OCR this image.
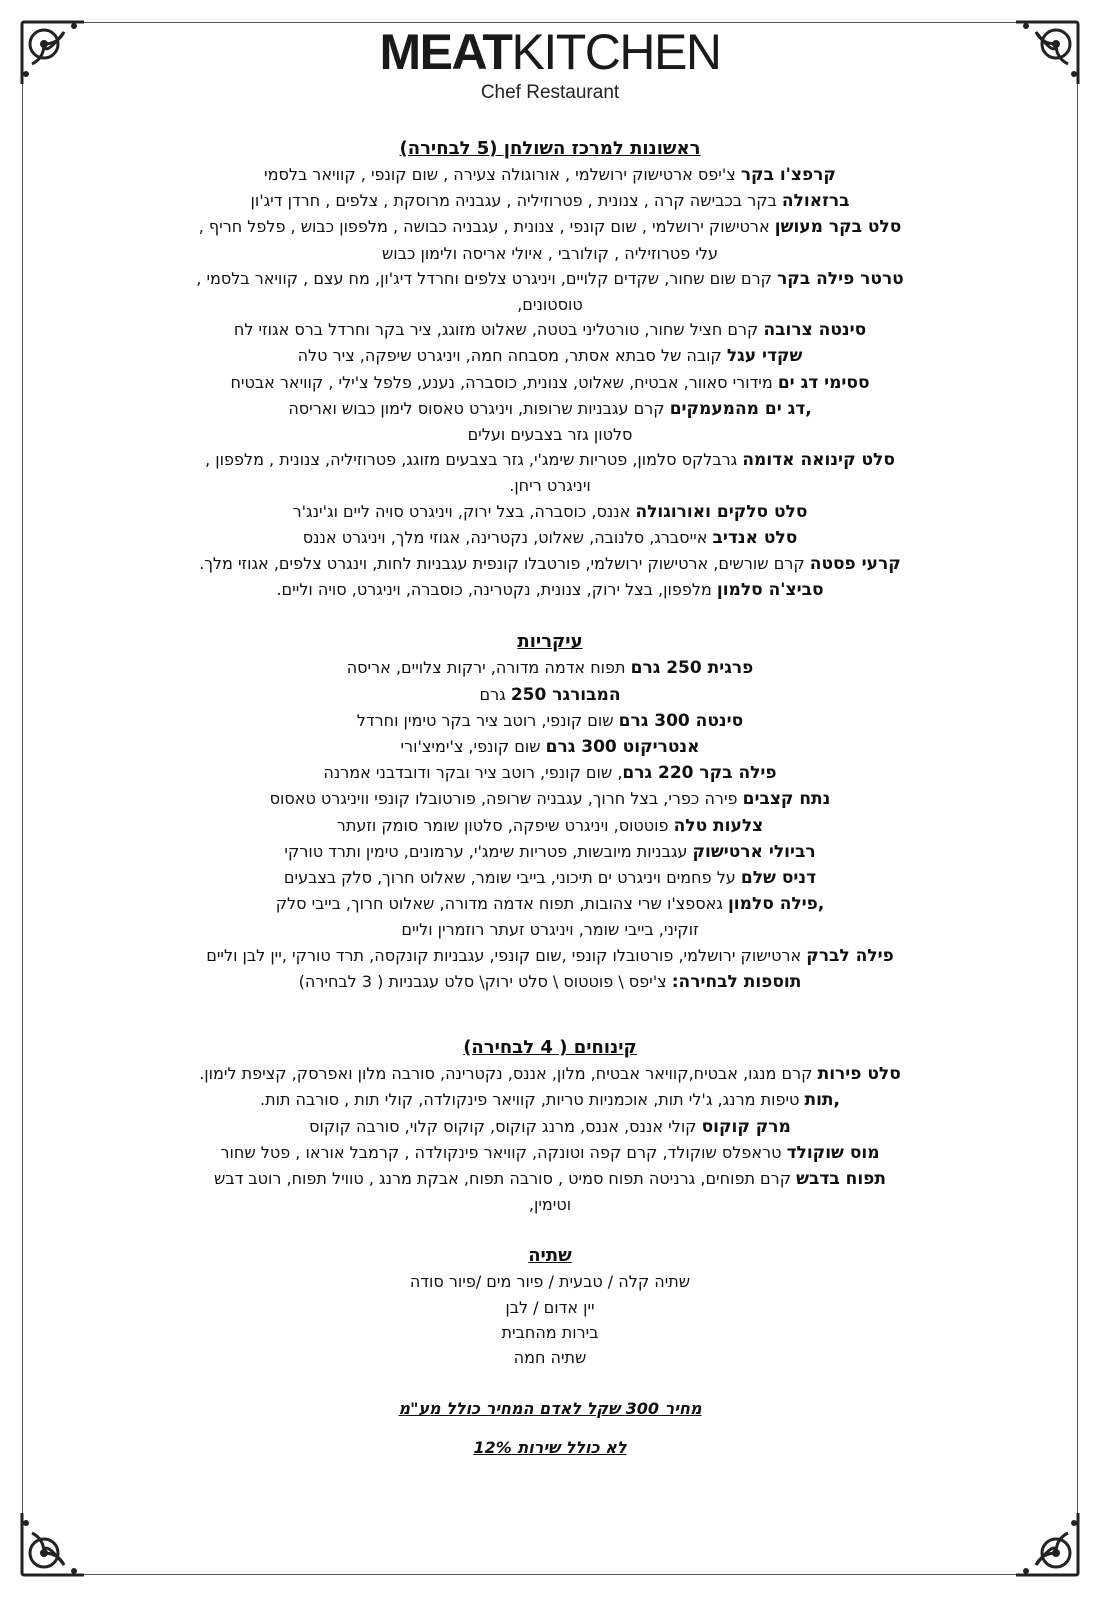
MEATKITCHEN
Chef Restaurant
ראשונות למרכז השולחן (5 לבחירה)

קרפצ'ו בקר צ'יפס ארטישוק ירושלמי , אורוגולה צעירה , שום קונפי , קוויאר בלסמי

ברזאולה בקר בכבישה קרה , צנונית , פטרוזיליה , עגבניה מרוסקת , צלפים , חרדן דיג'ון

סלט בקר מעושן ארטישוק ירושלמי , שום קונפי , צנונית , עגבניה כבושה , מלפפון כבוש , פלפל חריף ,

עלי פטרוזיליה , קולורבי , איולי אריסה ולימון כבוש

טרטר פילה בקר קרם שום שחור, שקדים קלויים, ויניגרט צלפים וחרדל דיג'ון, מח עצם , קוויאר בלסמי ,

טוסטונים,

סינטה צרובה קרם חציל שחור, טורטליני בטטה, שאלוט מזוגג, ציר בקר וחרדל ברס אגוזי לח

שקדי עגל קובה של סבתא אסתר, מסבחה חמה, ויניגרט שיפקה, ציר טלה

ססימי דג ים מידורי סאוור, אבטיח, שאלוט, צנונית, כוסברה, נענע, פלפל צ'ילי , קוויאר אבטיח

,דג ים מהמעמקים קרם עגבניות שרופות, ויניגרט טאסוס לימון כבוש ואריסה

סלטון גזר בצבעים ועלים

סלט קינואה אדומה גרבלקס סלמון, פטריות שימג'י, גזר בצבעים מזוגג, פטרוזיליה, צנונית , מלפפון ,

ויניגרט ריחן.

סלט סלקים ואורוגולה אננס, כוסברה, בצל ירוק, ויניגרט סויה ליים וג'ינג'ר

סלט אנדיב אייסברג, סלנובה, שאלוט, נקטרינה, אגוזי מלך, ויניגרט אננס

קרעי פסטה קרם שורשים, ארטישוק ירושלמי, פורטבלו קונפית עגבניות לחות, וינגרט צלפים, אגוזי מלך.

סביצ'ה סלמון מלפפון, בצל ירוק, צנונית, נקטרינה, כוסברה, ויניגרט, סויה וליים.

עיקריות

פרגית 250 גרם תפוח אדמה מדורה, ירקות צלויים, אריסה

המבורגר 250 גרם

סינטה 300 גרם שום קונפי, רוטב ציר בקר טימין וחרדל

אנטריקוט 300 גרם שום קונפי, צ'ימיצ'ורי

פילה בקר 220 גרם, שום קונפי, רוטב ציר ובקר ודובדבני אמרנה

נתח קצבים פירה כפרי, בצל חרוך, עגבניה שרופה, פורטובלו קונפי וויניגרט טאסוס

צלעות טלה פוטטוס, ויניגרט שיפקה, סלטון שומר סומק וזעתר

רביולי ארטישוק עגבניות מיובשות, פטריות שימג'י, ערמונים, טימין ותרד טורקי

דניס שלם על פחמים ויניגרט ים תיכוני, בייבי שומר, שאלוט חרוך, סלק בצבעים

,פילה סלמון גאספצ'ו שרי צהובות, תפוח אדמה מדורה, שאלוט חרוך, בייבי סלק

זוקיני, בייבי שומר, ויניגרט זעתר רוזמרין וליים

פילה לברק ארטישוק ירושלמי, פורטובלו קונפי ,שום קונפי, עגבניות קונקסה, תרד טורקי ,יין לבן וליים

תוספות לבחירה: צ'יפס \ פוטטוס \ סלט ירוק\ סלט עגבניות ( 3 לבחירה)

קינוחים ( 4 לבחירה)

סלט פירות קרם מנגו, אבטיח,קוויאר אבטיח, מלון, אננס, נקטרינה, סורבה מלון ואפרסק, קציפת לימון.

,תות טיפות מרנג, ג'לי תות, אוכמניות טריות, קוויאר פינקולדה, קולי תות , סורבה תות.

מרק קוקוס קולי אננס, אננס, מרנג קוקוס, קוקוס קלוי, סורבה קוקוס

מוס שוקולד טראפלס שוקולד, קרם קפה וטונקה, קוויאר פינקולדה , קרמבל אוראו , פטל שחור

תפוח בדבש קרם תפוחים, גרניטה תפוח סמיט , סורבה תפוח, אבקת מרנג , טוויל תפוח, רוטב דבש

וטימין,

שתיה

שתיה קלה / טבעית / פיור מים /פיור סודה

יין אדום / לבן

בירות מהחבית

שתיה חמה

מחיר 300 שקל לאדם המחיר כולל מע"מ

לא כולל שירות 12%
